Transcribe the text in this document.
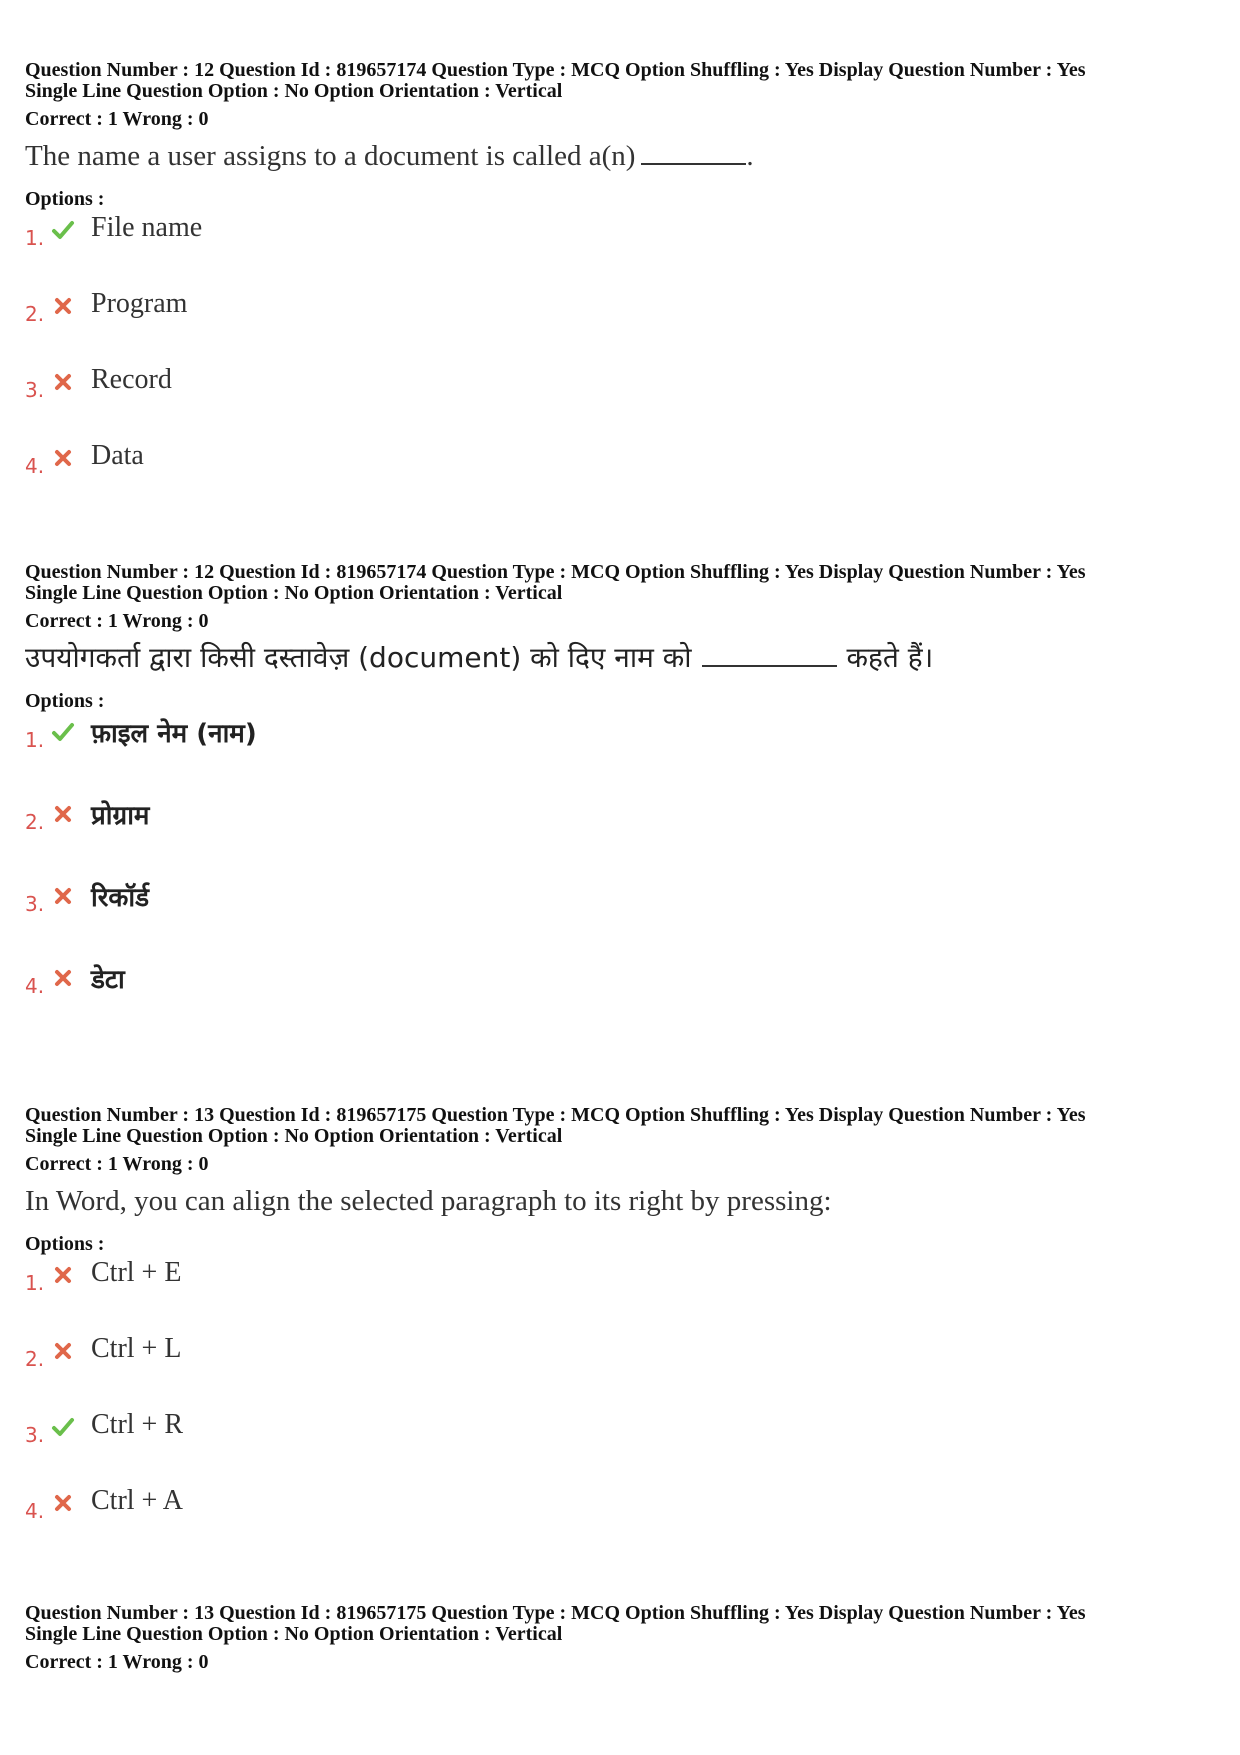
Question Number : 12 Question Id : 819657174 Question Type : MCQ Option Shuffling : Yes Display Question Number : Yes
Single Line Question Option : No Option Orientation : Vertical
Correct : 1 Wrong : 0
The name a user assigns to a document is called a(n)	.
Options :
1. File name
2. Program
3. Record
4. Data
Question Number : 12 Question Id : 819657174 Question Type : MCQ Option Shuffling : Yes Display Question Number : Yes
Single Line Question Option : No Option Orientation : Vertical
Correct : 1 Wrong : 0
उपयोगकर्ता द्वारा किसी दस्तावेज़ (document) को दिए नाम को	कहते हैं।
Options :
1. फ़ाइल नेम (नाम)
2. प्रोग्राम
3. रिकॉर्ड
4. डेटा
Question Number : 13 Question Id : 819657175 Question Type : MCQ Option Shuffling : Yes Display Question Number : Yes
Single Line Question Option : No Option Orientation : Vertical
Correct : 1 Wrong : 0
In Word, you can align the selected paragraph to its right by pressing:
Options :
1. Ctrl + E
2. Ctrl + L
3. Ctrl + R
4. Ctrl + A
Question Number : 13 Question Id : 819657175 Question Type : MCQ Option Shuffling : Yes Display Question Number : Yes
Single Line Question Option : No Option Orientation : Vertical
Correct : 1 Wrong : 0
